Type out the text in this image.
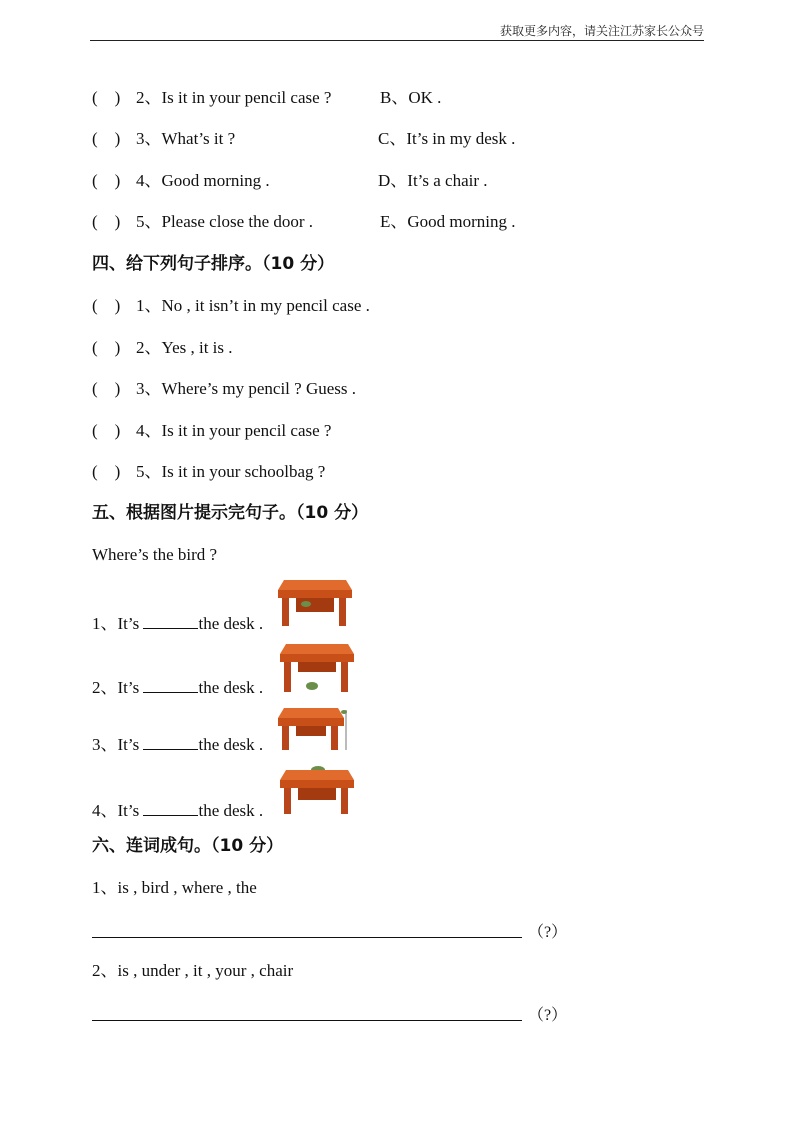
获取更多内容，请关注江苏家长公众号
(    ) 2、Is it in your pencil case ?	B、OK .
(    ) 3、What’s it ?	C、It’s in my desk .
(    ) 4、Good morning .	D、It’s a chair .
(    ) 5、Please close the door .	E、Good morning .
四、给下列句子排序。（10 分）
(    ) 1、No , it isn’t in my pencil case .
(    ) 2、Yes , it is .
(    ) 3、Where’s my pencil ? Guess .
(    ) 4、Is it in your pencil case ?
(    ) 5、Is it in your schoolbag ?
五、根据图片提示完句子。（10 分）
Where’s the bird ?
1、It’s	the desk .
2、It’s	the desk .
3、It’s	the desk .
4、It’s	the desk .
六、连词成句。（10 分）
1、is , bird , where , the
（?）
2、is , under , it , your , chair
（?）
